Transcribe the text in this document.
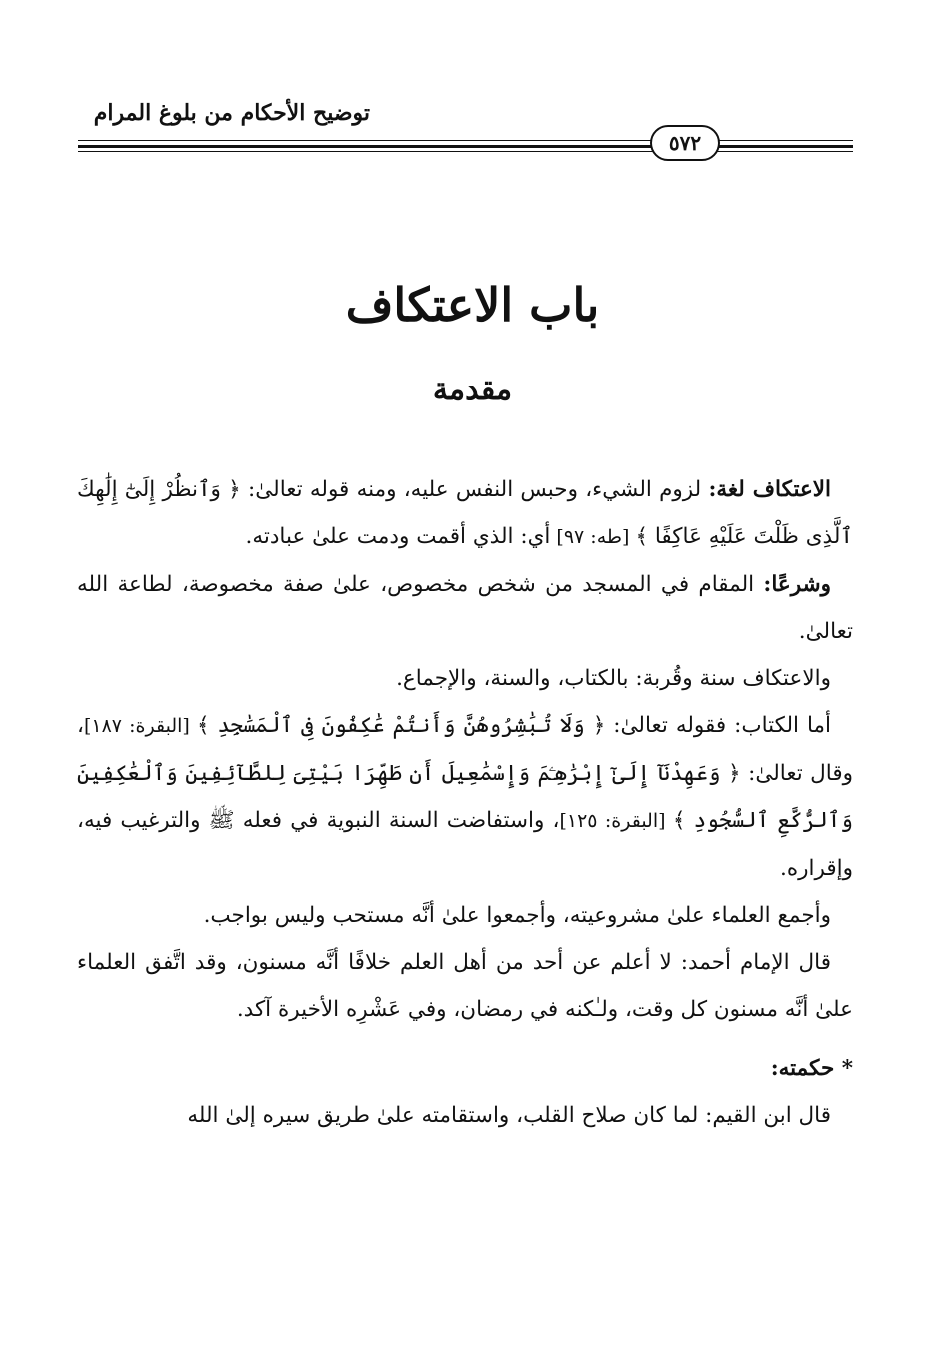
توضيح الأحكام من بلوغ المرام
٥٧٢
باب الاعتكاف
مقدمة

الاعتكاف لغة: لزوم الشيء، وحبس النفس عليه، ومنه قوله تعالىٰ: ﴿ وَٱنظُرْ إِلَىٰٓ إِلَٰهِكَ ٱلَّذِى ظَلْتَ عَلَيْهِ عَاكِفًا ﴾ [طه: ٩٧] أي: الذي أقمت ودمت علىٰ عبادته.

وشرعًا: المقام في المسجد من شخص مخصوص، علىٰ صفة مخصوصة، لطاعة الله تعالىٰ.

والاعتكاف سنة وقُربة: بالكتاب، والسنة، والإجماع.

أما الكتاب: فقوله تعالىٰ: ﴿ وَلَا تُبَٰشِرُوهُنَّ وَأَنتُمْ عَٰكِفُونَ فِى ٱلْمَسَٰجِدِ ﴾ [البقرة: ١٨٧]، وقال تعالىٰ: ﴿ وَعَهِدْنَآ إِلَىٰٓ إِبْرَٰهِـۧمَ وَإِسْمَٰعِيلَ أَن طَهِّرَا بَيْتِىَ لِلطَّآئِفِينَ وَٱلْعَٰكِفِينَ وَٱلرُّكَّعِ ٱلسُّجُودِ ﴾ [البقرة: ١٢٥]، واستفاضت السنة النبوية في فعله ﷺ والترغيب فيه، وإقراره.

وأجمع العلماء علىٰ مشروعيته، وأجمعوا علىٰ أنَّه مستحب وليس بواجب.

قال الإمام أحمد: لا أعلم عن أحد من أهل العلم خلافًا أنَّه مسنون، وقد اتَّفق العلماء علىٰ أنَّه مسنون كل وقت، ولـٰكنه في رمضان، وفي عَشْرِه الأخيرة آكد.

* حكمته:

قال ابن القيم: لما كان صلاح القلب، واستقامته علىٰ طريق سيره إلىٰ الله
